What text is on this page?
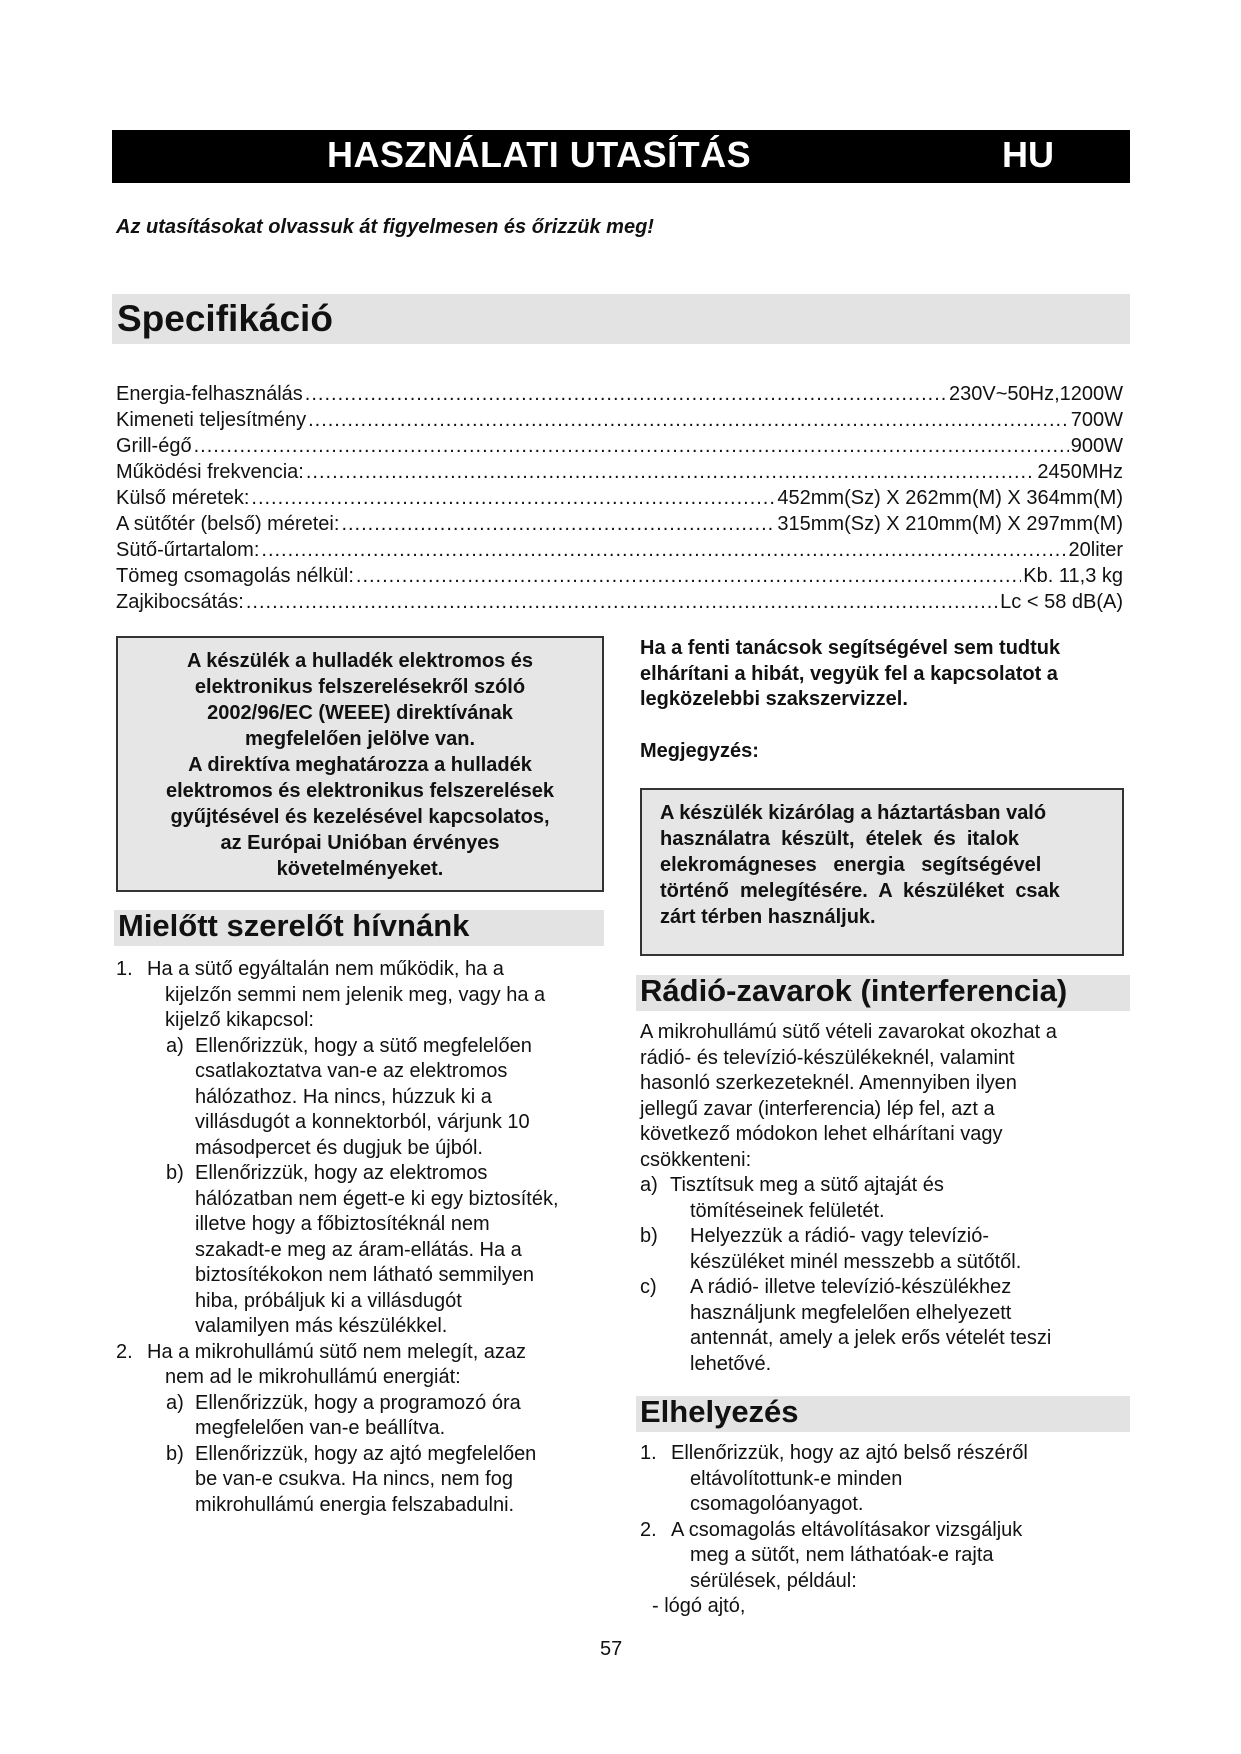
HASZNÁLATI UTASÍTÁS	HU
Az utasításokat olvassuk át figyelmesen és őrizzük meg!
Specifikáció
Energia-felhasználás .....	230V~50Hz,1200W
Kimeneti teljesítmény .....	700W
Grill-égő .....	900W
Működési frekvencia: .....	2450MHz
Külső méretek: .....	452mm(Sz) X 262mm(M) X 364mm(M)
A sütőtér (belső) méretei: .....	315mm(Sz) X 210mm(M) X 297mm(M)
Sütő-űrtartalom: .....	20liter
Tömeg csomagolás nélkül: .....	Kb. 11,3 kg
Zajkibocsátás: .....	Lc < 58 dB(A)
A készülék a hulladék elektromos és
elektronikus felszerelésekről szóló
2002/96/EC (WEEE) direktívának
megfelelően jelölve van.
A direktíva meghatározza a hulladék
elektromos és elektronikus felszerelések
gyűjtésével és kezelésével kapcsolatos,
az Európai Unióban érvényes
követelményeket.
Mielőtt szerelőt hívnánk
1. Ha a sütő egyáltalán nem működik, ha a
kijelzőn semmi nem jelenik meg, vagy ha a
kijelző kikapcsol:
a) Ellenőrizzük, hogy a sütő megfelelően
csatlakoztatva van-e az elektromos
hálózathoz. Ha nincs, húzzuk ki a
villásdugót a konnektorból, várjunk 10
másodpercet és dugjuk be újból.
b) Ellenőrizzük, hogy az elektromos
hálózatban nem égett-e ki egy biztosíték,
illetve hogy a főbiztosítéknál nem
szakadt-e meg az áram-ellátás. Ha a
biztosítékokon nem látható semmilyen
hiba, próbáljuk ki a villásdugót
valamilyen más készülékkel.
2. Ha a mikrohullámú sütő nem melegít, azaz
nem ad le mikrohullámú energiát:
a) Ellenőrizzük, hogy a programozó óra
megfelelően van-e beállítva.
b) Ellenőrizzük, hogy az ajtó megfelelően
be van-e csukva. Ha nincs, nem fog
mikrohullámú energia felszabadulni.
Ha a fenti tanácsok segítségével sem tudtuk
elhárítani a hibát, vegyük fel a kapcsolatot a
legközelebbi szakszervizzel.
Megjegyzés:
A készülék kizárólag a háztartásban való
használatra  készült,  ételek  és  italok
elekromágneses   energia   segítségével
történő  melegítésére.  A  készüléket  csak
zárt térben használjuk.
Rádió-zavarok (interferencia)
A mikrohullámú sütő vételi zavarokat okozhat a
rádió- és televízió-készülékeknél, valamint
hasonló szerkezeteknél. Amennyiben ilyen
jellegű zavar (interferencia) lép fel, azt a
következő módokon lehet elhárítani vagy
csökkenteni:
a) Tisztítsuk meg a sütő ajtaját és
tömítéseinek felületét.
b)	Helyezzük a rádió- vagy televízió-
készüléket minél messzebb a sütőtől.
c)	A rádió- illetve televízió-készülékhez
használjunk megfelelően elhelyezett
antennát, amely a jelek erős vételét teszi
lehetővé.
Elhelyezés
1. Ellenőrizzük, hogy az ajtó belső részéről
eltávolítottunk-e minden
csomagolóanyagot.
2. A csomagolás eltávolításakor vizsgáljuk
meg a sütőt, nem láthatóak-e rajta
sérülések, például:
- lógó ajtó,
57
